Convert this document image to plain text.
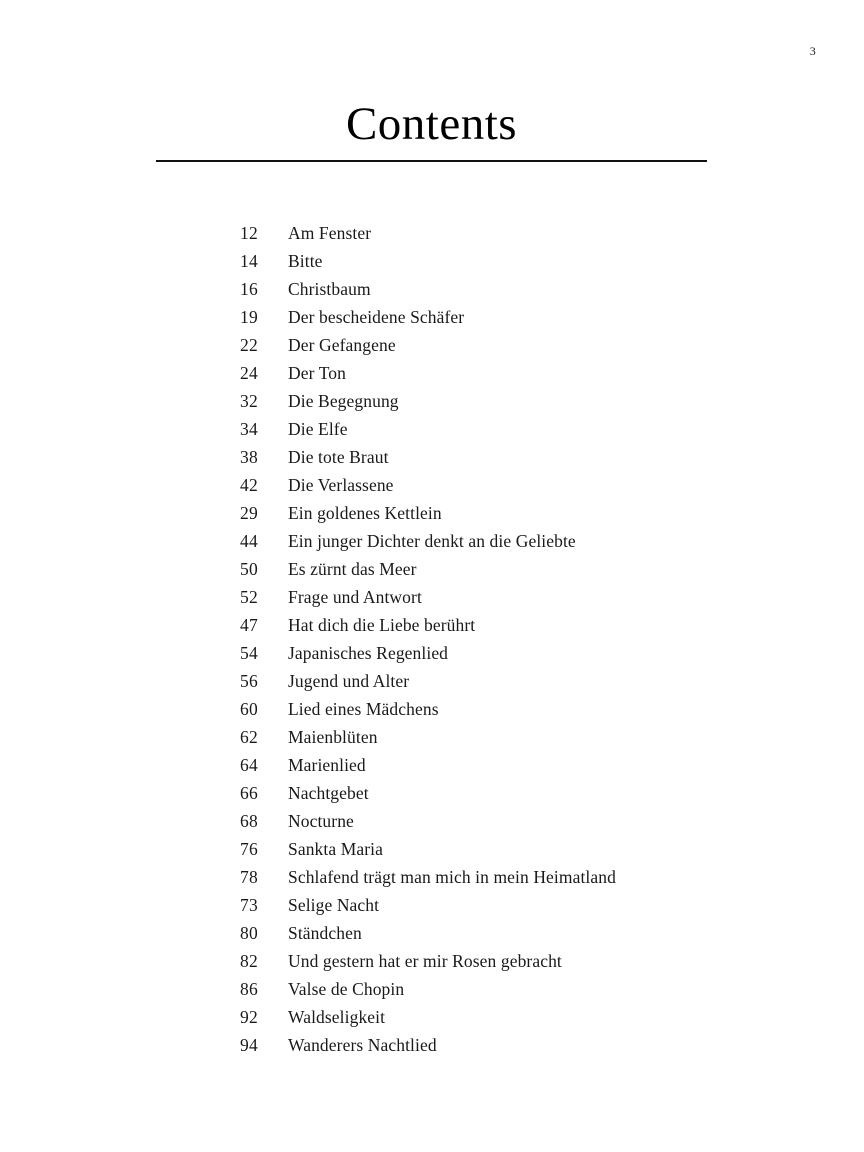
3
Contents
12	Am Fenster
14	Bitte
16	Christbaum
19	Der bescheidene Schäfer
22	Der Gefangene
24	Der Ton
32	Die Begegnung
34	Die Elfe
38	Die tote Braut
42	Die Verlassene
29	Ein goldenes Kettlein
44	Ein junger Dichter denkt an die Geliebte
50	Es zürnt das Meer
52	Frage und Antwort
47	Hat dich die Liebe berührt
54	Japanisches Regenlied
56	Jugend und Alter
60	Lied eines Mädchens
62	Maienblüten
64	Marienlied
66	Nachtgebet
68	Nocturne
76	Sankta Maria
78	Schlafend trägt man mich in mein Heimatland
73	Selige Nacht
80	Ständchen
82	Und gestern hat er mir Rosen gebracht
86	Valse de Chopin
92	Waldseligkeit
94	Wanderers Nachtlied
